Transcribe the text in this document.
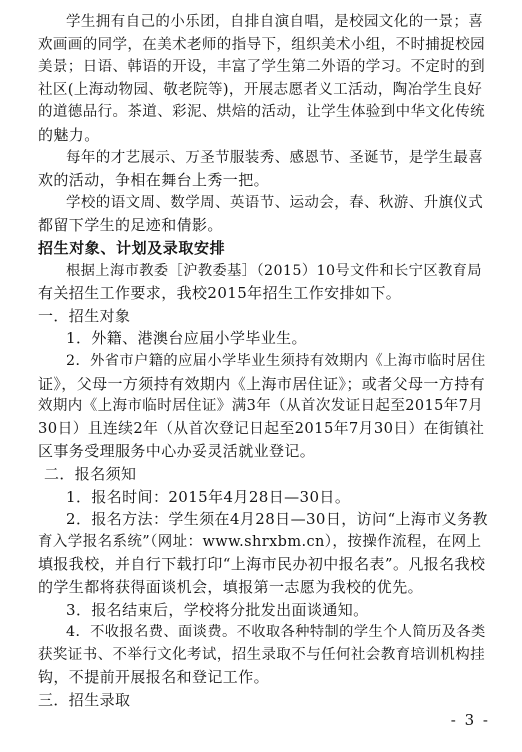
学生拥有自己的小乐团，自排自演自唱，是校园文化的一景；喜

欢画画的同学，在美术老师的指导下，组织美术小组，不时捕捉校园

美景；日语、韩语的开设，丰富了学生第二外语的学习。不定时的到

社区(上海动物园、敬老院等)，开展志愿者义工活动，陶冶学生良好

的道德品行。茶道、彩泥、烘焙的活动，让学生体验到中华文化传统

的魅力。

每年的才艺展示、万圣节服装秀、感恩节、圣诞节，是学生最喜

欢的活动，争相在舞台上秀一把。

学校的语文周、数学周、英语节、运动会，春、秋游、升旗仪式

都留下学生的足迹和倩影。

招生对象、计划及录取安排

根据上海市教委［沪教委基］（2015）10号文件和长宁区教育局

有关招生工作要求，我校2015年招生工作安排如下。

一．招生对象

1．外籍、港澳台应届小学毕业生。

2．外省市户籍的应届小学毕业生须持有效期内《上海市临时居住

证》，父母一方须持有效期内《上海市居住证》；或者父母一方持有

效期内《上海市临时居住证》满3年（从首次发证日起至2015年7月

30日）且连续2年（从首次登记日起至2015年7月30日）在街镇社

区事务受理服务中心办妥灵活就业登记。

二．报名须知

1．报名时间：2015年4月28日—30日。

2．报名方法：学生须在4月28日—30日，访问“上海市义务教

育入学报名系统”（网址：www.shrxbm.cn），按操作流程，在网上

填报我校，并自行下载打印“上海市民办初中报名表”。凡报名我校

的学生都将获得面谈机会，填报第一志愿为我校的优先。

3．报名结束后，学校将分批发出面谈通知。

4．不收报名费、面谈费。不收取各种特制的学生个人简历及各类

获奖证书、不举行文化考试，招生录取不与任何社会教育培训机构挂

钩，不提前开展报名和登记工作。

三．招生录取

- 3 -
